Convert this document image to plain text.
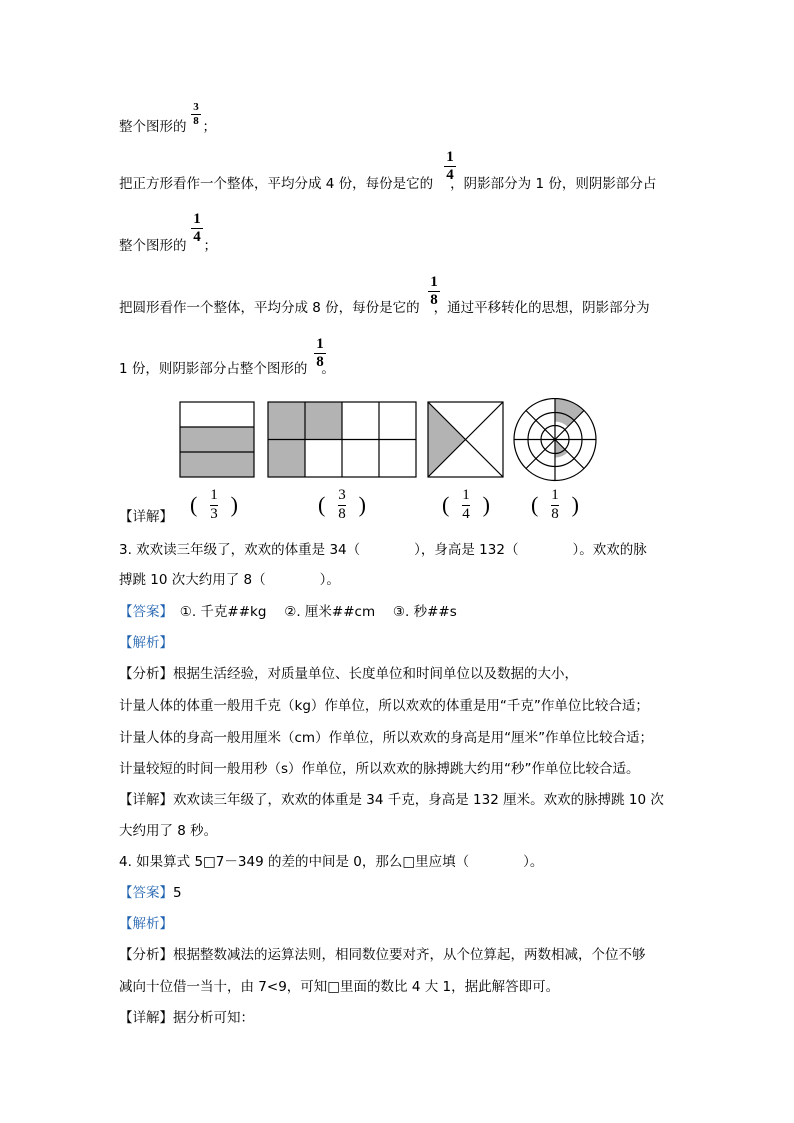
3
8
整个图形的 ；
1
4
把正方形看作一个整体，平均分成 4 份，每份是它的 ，阴影部分为 1 份，则阴影部分占
1
4
整个图形的 ；
1
8
把圆形看作一个整体，平均分成 8 份，每份是它的 ，通过平移转化的思想，阴影部分为
1
8
1 份，则阴影部分占整个图形的 。
( $\frac{1}{3}$ )	( $\frac{3}{8}$ )	( $\frac{1}{4}$ ) ( $\frac{1}{8}$ )
【详解】
3. 欢欢读三年级了，欢欢的体重是 34（　　　　），身高是 132（　　　　）。欢欢的脉
搏跳 10 次大约用了 8（　　　　）。
【答案】　①. 千克##kg　 ②. 厘米##cm　 ③. 秒##s
【解析】
【分析】根据生活经验，对质量单位、长度单位和时间单位以及数据的大小，
计量人体的体重一般用千克（kg）作单位，所以欢欢的体重是用“千克”作单位比较合适；
计量人体的身高一般用厘米（cm）作单位，所以欢欢的身高是用“厘米”作单位比较合适；
计量较短的时间一般用秒（s）作单位，所以欢欢的脉搏跳大约用“秒”作单位比较合适。
【详解】欢欢读三年级了，欢欢的体重是 34 千克，身高是 132 厘米。欢欢的脉搏跳 10 次
大约用了 8 秒。
4. 如果算式 5□7－349 的差的中间是 0，那么□里应填（　　　　）。
【答案】5
【解析】
【分析】根据整数减法的运算法则，相同数位要对齐，从个位算起，两数相减，个位不够
减向十位借一当十，由 7<9，可知□里面的数比 4 大 1，据此解答即可。
【详解】据分析可知：
